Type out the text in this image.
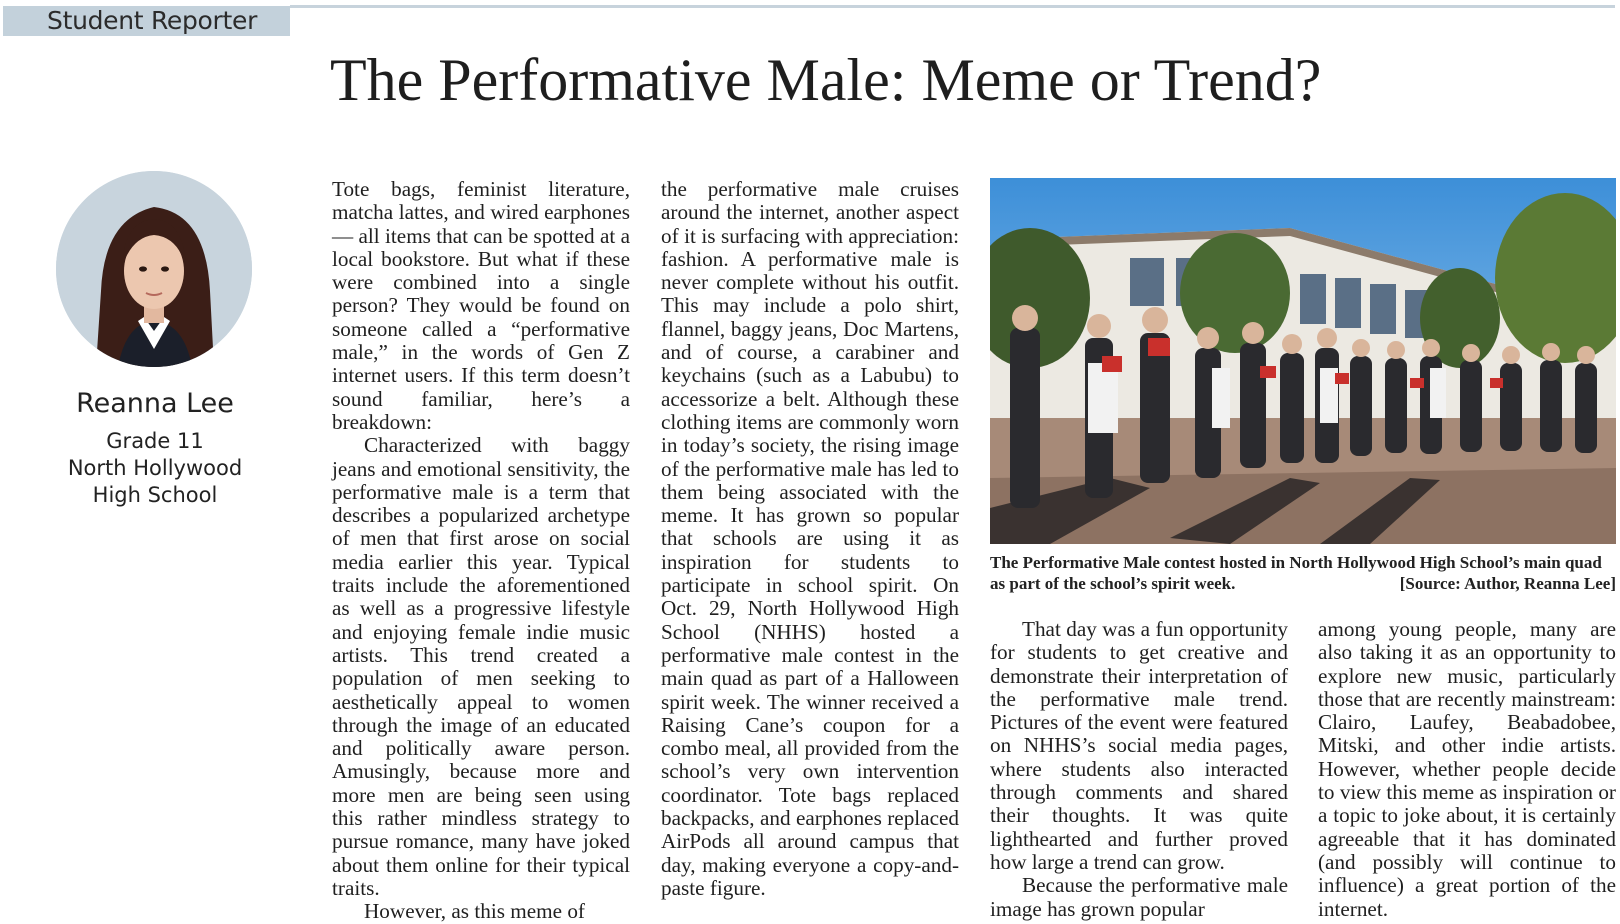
Student Reporter
The Performative Male: Meme or Trend?
Reanna Lee
Grade 11
North Hollywood
High School

Tote bags, feminist literature, matcha lattes, and wired earphones — all items that can be spotted at a local bookstore. But what if these were combined into a single person? They would be found on someone called a “performative male,” in the words of Gen Z internet users. If this term doesn’t sound familiar, here’s a breakdown:

Characterized with baggy jeans and emotional sensitivity, the performative male is a term that describes a popularized archetype of men that first arose on social media earlier this year. Typical traits include the aforementioned as well as a progressive lifestyle and enjoying female indie music artists. This trend created a population of men seeking to aesthetically appeal to women through the image of an educated and politically aware person. Amusingly, because more and more men are being seen using this rather mindless strategy to pursue romance, many have joked about them online for their typical traits.

However, as this meme of

the performative male cruises around the internet, another aspect of it is surfacing with appreciation: fashion. A performative male is never complete without his outfit. This may include a polo shirt, flannel, baggy jeans, Doc Martens, and of course, a carabiner and keychains (such as a Labubu) to accessorize a belt. Although these clothing items are commonly worn in today’s society, the rising image of the performative male has led to them being associated with the meme. It has grown so popular that schools are using it as inspiration for students to participate in school spirit. On Oct. 29, North Hollywood High School (NHHS) hosted a performative male contest in the main quad as part of a Halloween spirit week. The winner received a Raising Cane’s coupon for a combo meal, all provided from the school’s very own intervention coordinator. Tote bags replaced backpacks, and earphones replaced AirPods all around campus that day, making everyone a copy-and-paste figure.

The Performative Male contest hosted in North Hollywood High School’s main quad as part of the school’s spirit week.	[Source: Author, Reanna Lee]

That day was a fun opportunity for students to get creative and demonstrate their interpretation of the performative male trend. Pictures of the event were featured on NHHS’s social media pages, where students also interacted through comments and shared their thoughts. It was quite lighthearted and further proved how large a trend can grow.

Because the performative male image has grown popular

among young people, many are also taking it as an opportunity to explore new music, particularly those that are recently mainstream: Clairo, Laufey, Beabadobee, Mitski, and other indie artists. However, whether people decide to view this meme as inspiration or a topic to joke about, it is certainly agreeable that it has dominated (and possibly will continue to influence) a great portion of the internet.
